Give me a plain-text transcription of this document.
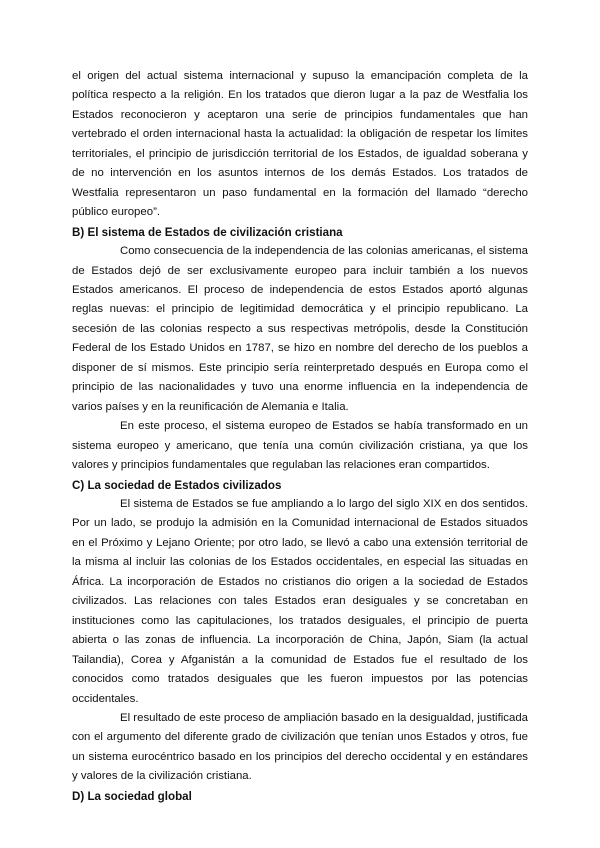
el origen del actual sistema internacional y supuso la emancipación completa de la política respecto a la religión. En los tratados que dieron lugar a la paz de Westfalia los Estados reconocieron y aceptaron una serie de principios fundamentales que han vertebrado el orden internacional hasta la actualidad: la obligación de respetar los límites territoriales, el principio de jurisdicción territorial de los Estados, de igualdad soberana y de no intervención en los asuntos internos de los demás Estados. Los tratados de Westfalia representaron un paso fundamental en la formación del llamado “derecho público europeo”.

B) El sistema de Estados de civilización cristiana

Como consecuencia de la independencia de las colonias americanas, el sistema de Estados dejó de ser exclusivamente europeo para incluir también a los nuevos Estados americanos. El proceso de independencia de estos Estados aportó algunas reglas nuevas: el principio de legitimidad democrática y el principio republicano. La secesión de las colonias respecto a sus respectivas metrópolis, desde la Constitución Federal de los Estado Unidos en 1787, se hizo en nombre del derecho de los pueblos a disponer de sí mismos. Este principio sería reinterpretado después en Europa como el principio de las nacionalidades y tuvo una enorme influencia en la independencia de varios países y en la reunificación de Alemania e Italia.

En este proceso, el sistema europeo de Estados se había transformado en un sistema europeo y americano, que tenía una común civilización cristiana, ya que los valores y principios fundamentales que regulaban las relaciones eran compartidos.

C) La sociedad de Estados civilizados

El sistema de Estados se fue ampliando a lo largo del siglo XIX en dos sentidos. Por un lado, se produjo la admisión en la Comunidad internacional de Estados situados en el Próximo y Lejano Oriente; por otro lado, se llevó a cabo una extensión territorial de la misma al incluir las colonias de los Estados occidentales, en especial las situadas en África. La incorporación de Estados no cristianos dio origen a la sociedad de Estados civilizados. Las relaciones con tales Estados eran desiguales y se concretaban en instituciones como las capitulaciones, los tratados desiguales, el principio de puerta abierta o las zonas de influencia. La incorporación de China, Japón, Siam (la actual Tailandia), Corea y Afganistán a la comunidad de Estados fue el resultado de los conocidos como tratados desiguales que les fueron impuestos por las potencias occidentales.

El resultado de este proceso de ampliación basado en la desigualdad, justificada con el argumento del diferente grado de civilización que tenían unos Estados y otros, fue un sistema eurocéntrico basado en los principios del derecho occidental y en estándares y valores de la civilización cristiana.

D) La sociedad global
